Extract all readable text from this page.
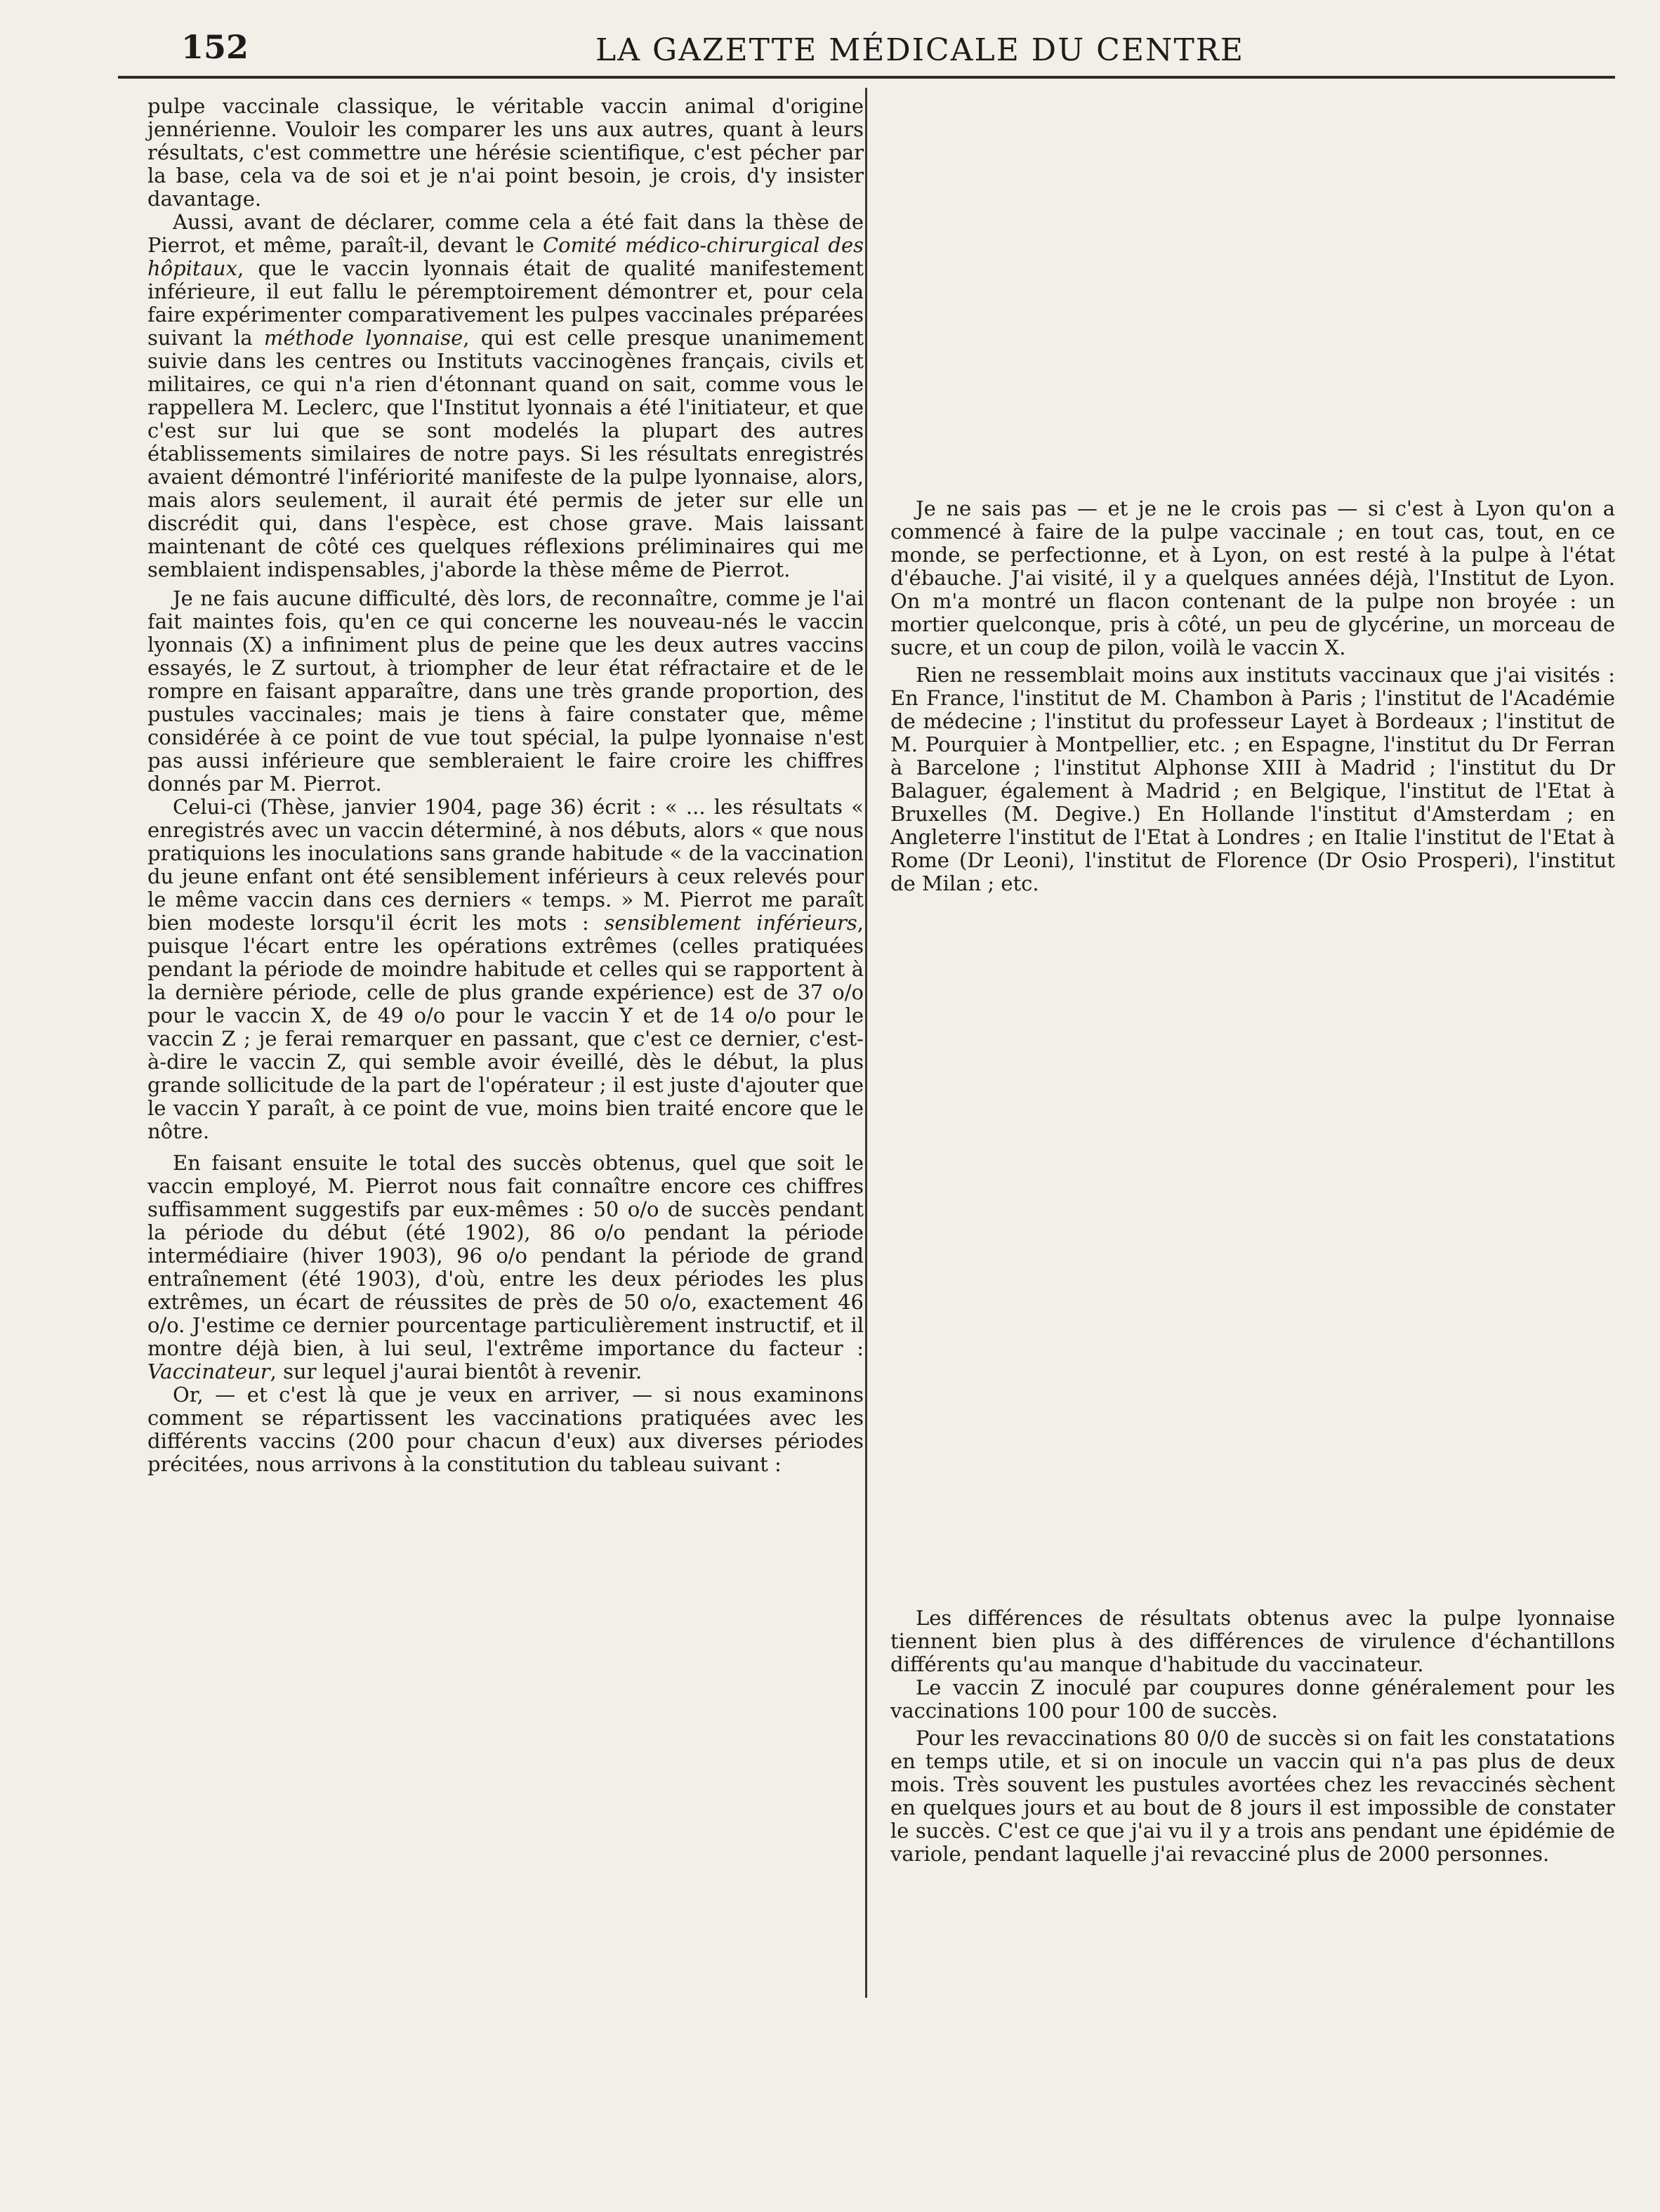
152	LA GAZETTE MÉDICALE DU CENTRE

pulpe vaccinale classique, le véritable vaccin animal d'origine jennérienne. Vouloir les comparer les uns aux autres, quant à leurs résultats, c'est commettre une hérésie scientifique, c'est pécher par la base, cela va de soi et je n'ai point besoin, je crois, d'y insister davantage.

Aussi, avant de déclarer, comme cela a été fait dans la thèse de Pierrot, et même, paraît-il, devant le Comité médico-chirurgical des hôpitaux, que le vaccin lyonnais était de qualité manifestement inférieure, il eut fallu le péremptoirement démontrer et, pour cela faire expérimenter comparativement les pulpes vaccinales préparées suivant la méthode lyonnaise, qui est celle presque unanimement suivie dans les centres ou Instituts vaccinogènes français, civils et militaires, ce qui n'a rien d'étonnant quand on sait, comme vous le rappellera M. Leclerc, que l'Institut lyonnais a été l'initiateur, et que c'est sur lui que se sont modelés la plupart des autres établissements similaires de notre pays. Si les résultats enregistrés avaient démontré l'infériorité manifeste de la pulpe lyonnaise, alors, mais alors seulement, il aurait été permis de jeter sur elle un discrédit qui, dans l'espèce, est chose grave. Mais laissant maintenant de côté ces quelques réflexions préliminaires qui me semblaient indispensables, j'aborde la thèse même de Pierrot.

Je ne fais aucune difficulté, dès lors, de reconnaître, comme je l'ai fait maintes fois, qu'en ce qui concerne les nouveau-nés le vaccin lyonnais (X) a infiniment plus de peine que les deux autres vaccins essayés, le Z surtout, à triompher de leur état réfractaire et de le rompre en faisant apparaître, dans une très grande proportion, des pustules vaccinales; mais je tiens à faire constater que, même considérée à ce point de vue tout spécial, la pulpe lyonnaise n'est pas aussi inférieure que sembleraient le faire croire les chiffres donnés par M. Pierrot.

Celui-ci (Thèse, janvier 1904, page 36) écrit : « ... les résultats « enregistrés avec un vaccin déterminé, à nos débuts, alors « que nous pratiquions les inoculations sans grande habitude « de la vaccination du jeune enfant ont été sensiblement inférieurs à ceux relevés pour le même vaccin dans ces derniers « temps. » M. Pierrot me paraît bien modeste lorsqu'il écrit les mots : sensiblement inférieurs, puisque l'écart entre les opérations extrêmes (celles pratiquées pendant la période de moindre habitude et celles qui se rapportent à la dernière période, celle de plus grande expérience) est de 37 o/o pour le vaccin X, de 49 o/o pour le vaccin Y et de 14 o/o pour le vaccin Z ; je ferai remarquer en passant, que c'est ce dernier, c'est-à-dire le vaccin Z, qui semble avoir éveillé, dès le début, la plus grande sollicitude de la part de l'opérateur ; il est juste d'ajouter que le vaccin Y paraît, à ce point de vue, moins bien traité encore que le nôtre.

En faisant ensuite le total des succès obtenus, quel que soit le vaccin employé, M. Pierrot nous fait connaître encore ces chiffres suffisamment suggestifs par eux-mêmes : 50 o/o de succès pendant la période du début (été 1902), 86 o/o pendant la période intermédiaire (hiver 1903), 96 o/o pendant la période de grand entraînement (été 1903), d'où, entre les deux périodes les plus extrêmes, un écart de réussites de près de 50 o/o, exactement 46 o/o. J'estime ce dernier pourcentage particulièrement instructif, et il montre déjà bien, à lui seul, l'extrême importance du facteur : Vaccinateur, sur lequel j'aurai bientôt à revenir.

Or, — et c'est là que je veux en arriver, — si nous examinons comment se répartissent les vaccinations pratiquées avec les différents vaccins (200 pour chacun d'eux) aux diverses périodes précitées, nous arrivons à la constitution du tableau suivant :

Je ne sais pas — et je ne le crois pas — si c'est à Lyon qu'on a commencé à faire de la pulpe vaccinale ; en tout cas, tout, en ce monde, se perfectionne, et à Lyon, on est resté à la pulpe à l'état d'ébauche. J'ai visité, il y a quelques années déjà, l'Institut de Lyon. On m'a montré un flacon contenant de la pulpe non broyée : un mortier quelconque, pris à côté, un peu de glycérine, un morceau de sucre, et un coup de pilon, voilà le vaccin X.

Rien ne ressemblait moins aux instituts vaccinaux que j'ai visités : En France, l'institut de M. Chambon à Paris ; l'institut de l'Académie de médecine ; l'institut du professeur Layet à Bordeaux ; l'institut de M. Pourquier à Montpellier, etc. ; en Espagne, l'institut du Dr Ferran à Barcelone ; l'institut Alphonse XIII à Madrid ; l'institut du Dr Balaguer, également à Madrid ; en Belgique, l'institut de l'Etat à Bruxelles (M. Degive.) En Hollande l'institut d'Amsterdam ; en Angleterre l'institut de l'Etat à Londres ; en Italie l'institut de l'Etat à Rome (Dr Leoni), l'institut de Florence (Dr Osio Prosperi), l'institut de Milan ; etc.

Les différences de résultats obtenus avec la pulpe lyonnaise tiennent bien plus à des différences de virulence d'échantillons différents qu'au manque d'habitude du vaccinateur.

Le vaccin Z inoculé par coupures donne généralement pour les vaccinations 100 pour 100 de succès.

Pour les revaccinations 80 0/0 de succès si on fait les constatations en temps utile, et si on inocule un vaccin qui n'a pas plus de deux mois. Très souvent les pustules avortées chez les revaccinés sèchent en quelques jours et au bout de 8 jours il est impossible de constater le succès. C'est ce que j'ai vu il y a trois ans pendant une épidémie de variole, pendant laquelle j'ai revacciné plus de 2000 personnes.
